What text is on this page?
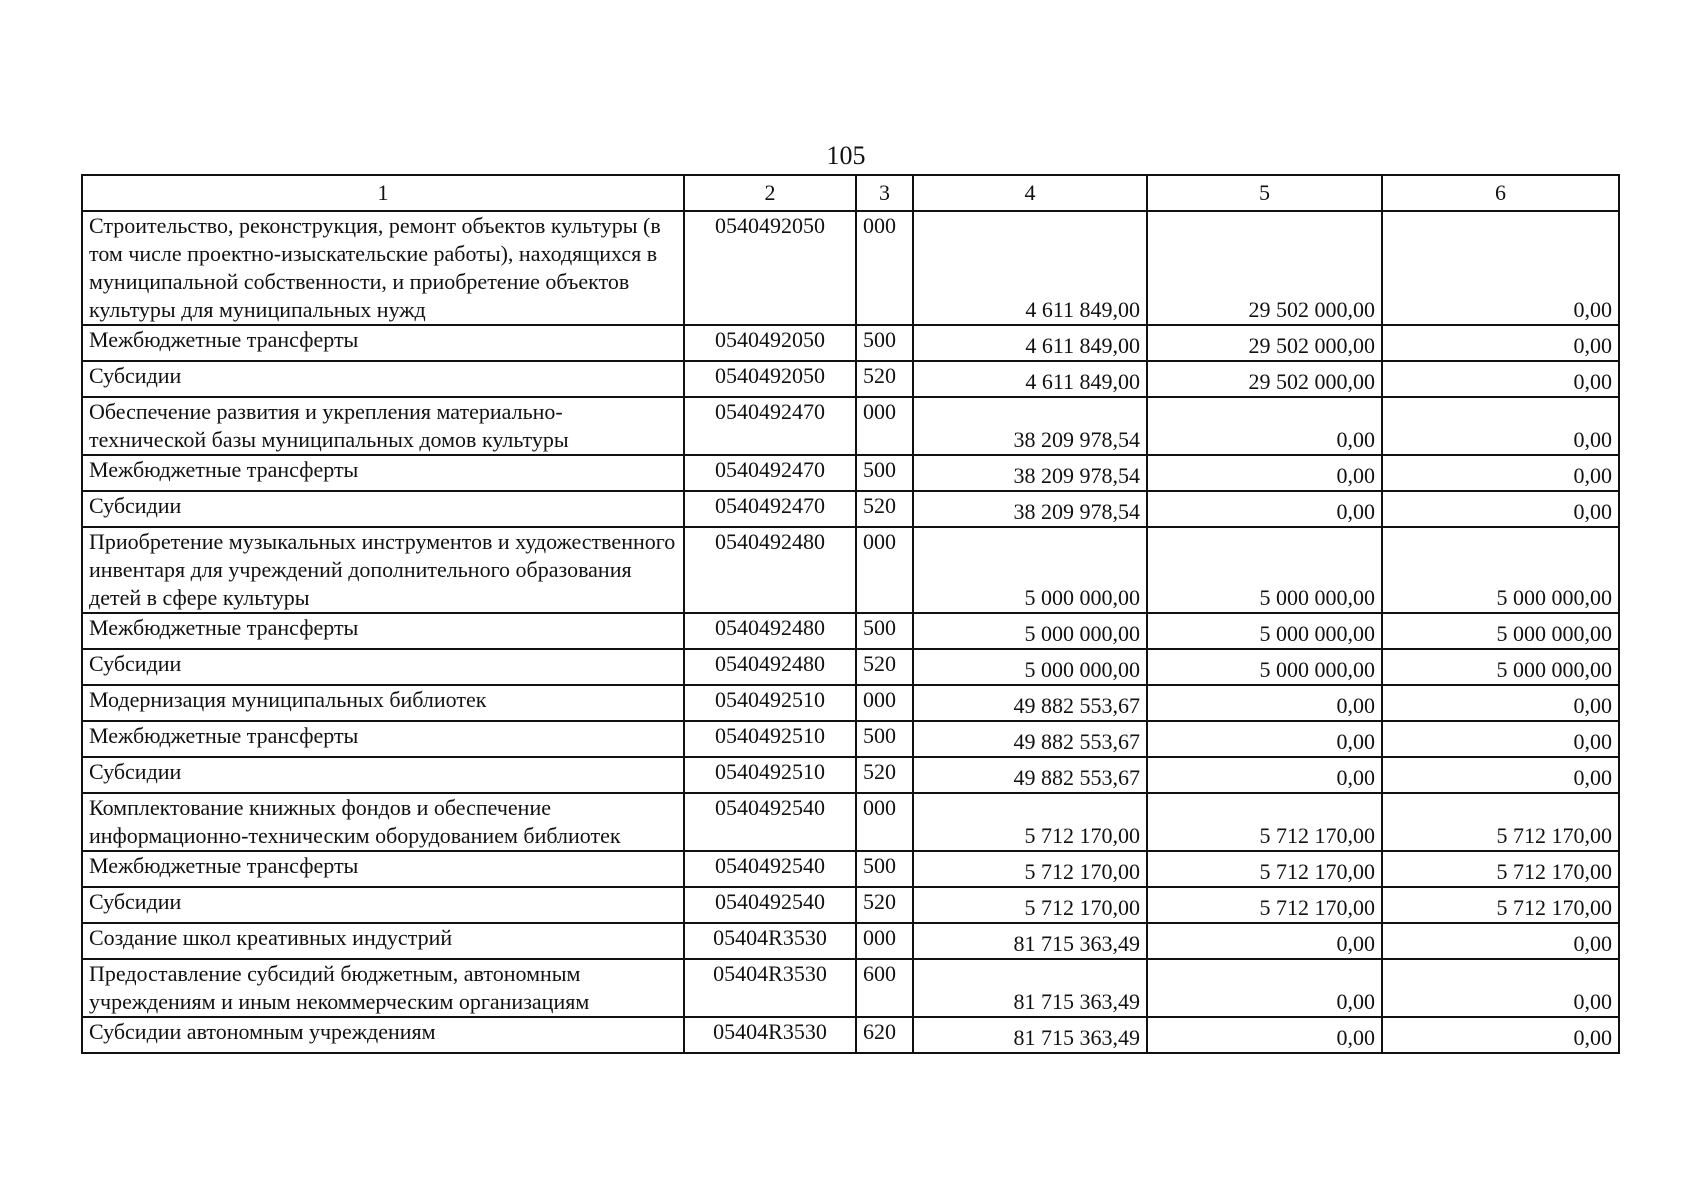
105
1	2	3	4	5	6
Строительство, реконструкция, ремонт объектов культуры (в том числе проектно-изыскательские работы), находящихся в муниципальной собственности, и приобретение объектов культуры для муниципальных нужд	0540492050	000	4 611 849,00	29 502 000,00	0,00
Межбюджетные трансферты	0540492050	500	4 611 849,00	29 502 000,00	0,00
Субсидии	0540492050	520	4 611 849,00	29 502 000,00	0,00
Обеспечение развития и укрепления материально-технической базы муниципальных домов культуры	0540492470	000	38 209 978,54	0,00	0,00
Межбюджетные трансферты	0540492470	500	38 209 978,54	0,00	0,00
Субсидии	0540492470	520	38 209 978,54	0,00	0,00
Приобретение музыкальных инструментов и художественного инвентаря для учреждений дополнительного образования детей в сфере культуры	0540492480	000	5 000 000,00	5 000 000,00	5 000 000,00
Межбюджетные трансферты	0540492480	500	5 000 000,00	5 000 000,00	5 000 000,00
Субсидии	0540492480	520	5 000 000,00	5 000 000,00	5 000 000,00
Модернизация муниципальных библиотек	0540492510	000	49 882 553,67	0,00	0,00
Межбюджетные трансферты	0540492510	500	49 882 553,67	0,00	0,00
Субсидии	0540492510	520	49 882 553,67	0,00	0,00
Комплектование книжных фондов и обеспечение информационно-техническим оборудованием библиотек	0540492540	000	5 712 170,00	5 712 170,00	5 712 170,00
Межбюджетные трансферты	0540492540	500	5 712 170,00	5 712 170,00	5 712 170,00
Субсидии	0540492540	520	5 712 170,00	5 712 170,00	5 712 170,00
Создание школ креативных индустрий	05404R3530	000	81 715 363,49	0,00	0,00
Предоставление субсидий бюджетным, автономным учреждениям и иным некоммерческим организациям	05404R3530	600	81 715 363,49	0,00	0,00
Субсидии автономным учреждениям	05404R3530	620	81 715 363,49	0,00	0,00
